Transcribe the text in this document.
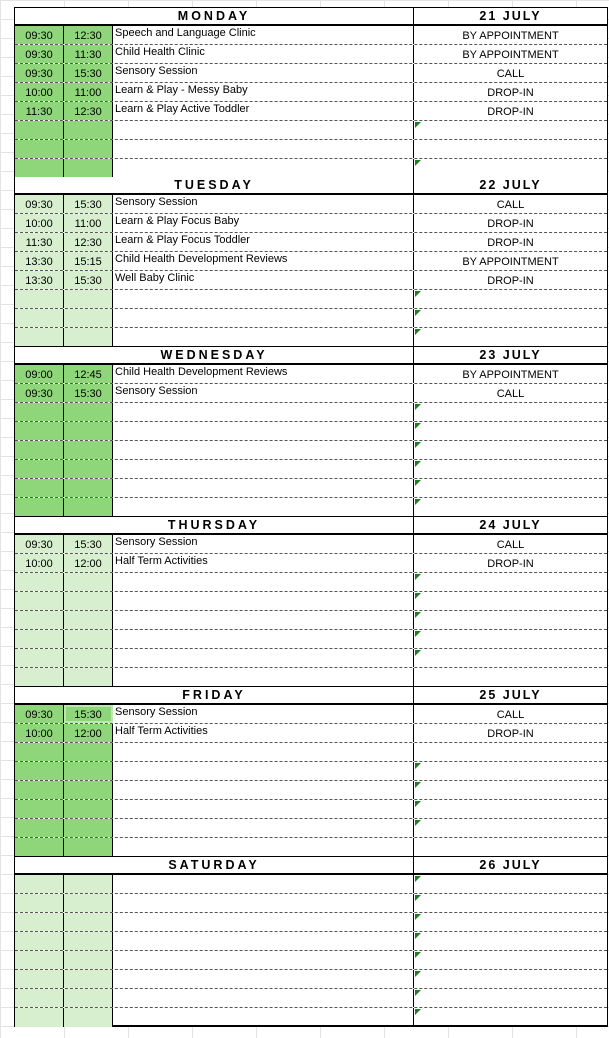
MONDAY	21 JULY
09:30	12:30	Speech and Language Clinic	BY APPOINTMENT
09:30	11:30	Child Health Clinic	BY APPOINTMENT
09:30	15:30	Sensory Session	CALL
10:00	11:00	Learn & Play - Messy Baby	DROP-IN
11:30	12:30	Learn & Play Active Toddler	DROP-IN
TUESDAY	22 JULY
09:30	15:30	Sensory Session	CALL
10:00	11:00	Learn & Play Focus Baby	DROP-IN
11:30	12:30	Learn & Play Focus Toddler	DROP-IN
13:30	15:15	Child Health Development Reviews	BY APPOINTMENT
13:30	15:30	Well Baby Clinic	DROP-IN
WEDNESDAY	23 JULY
09:00	12:45	Child Health Development Reviews	BY APPOINTMENT
09:30	15:30	Sensory Session	CALL
THURSDAY	24 JULY
09:30	15:30	Sensory Session	CALL
10:00	12:00	Half Term Activities	DROP-IN
FRIDAY	25 JULY
09:30	15:30	Sensory Session	CALL
10:00	12:00	Half Term Activities	DROP-IN
SATURDAY	26 JULY
